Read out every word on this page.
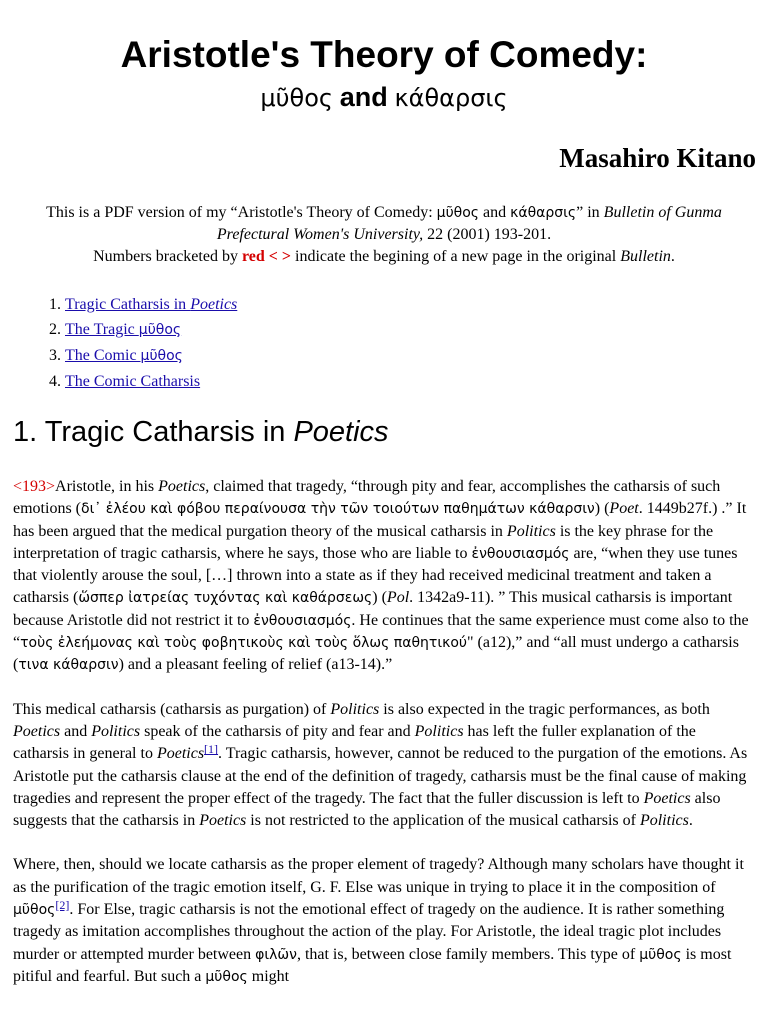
Aristotle's Theory of Comedy:
μῦθος and κάθαρσις
Masahiro Kitano
This is a PDF version of my “Aristotle's Theory of Comedy: μῦθος and κάθαρσις” in Bulletin of Gunma Prefectural Women's University, 22 (2001) 193-201.
Numbers bracketed by red < > indicate the begining of a new page in the original Bulletin.
1. Tragic Catharsis in Poetics
2. The Tragic μῦθος
3. The Comic μῦθος
4. The Comic Catharsis
1. Tragic Catharsis in Poetics

<193>Aristotle, in his Poetics, claimed that tragedy, “through pity and fear, accomplishes the catharsis of such emotions (δι᾽ ἐλέου καὶ φόβου περαίνουσα τὴν τῶν τοιούτων παθημάτων κάθαρσιν) (Poet. 1449b27f.) .” It has been argued that the medical purgation theory of the musical catharsis in Politics is the key phrase for the interpretation of tragic catharsis, where he says, those who are liable to ἐνθουσιασμός are, “when they use tunes that violently arouse the soul, […] thrown into a state as if they had received medicinal treatment and taken a catharsis (ὥσπερ ἰατρείας τυχόντας καὶ καθάρσεως) (Pol. 1342a9-11). ” This musical catharsis is important because Aristotle did not restrict it to ἐνθουσιασμός. He continues that the same experience must come also to the “τοὺς ἐλεήμονας καὶ τοὺς φοβητικοὺς καὶ τοὺς ὅλως παθητικού" (a12),” and “all must undergo a catharsis (τινα κάθαρσιν) and a pleasant feeling of relief (a13-14).”

This medical catharsis (catharsis as purgation) of Politics is also expected in the tragic performances, as both Poetics and Politics speak of the catharsis of pity and fear and Politics has left the fuller explanation of the catharsis in general to Poetics[1]. Tragic catharsis, however, cannot be reduced to the purgation of the emotions. As Aristotle put the catharsis clause at the end of the definition of tragedy, catharsis must be the final cause of making tragedies and represent the proper effect of the tragedy. The fact that the fuller discussion is left to Poetics also suggests that the catharsis in Poetics is not restricted to the application of the musical catharsis of Politics.

Where, then, should we locate catharsis as the proper element of tragedy? Although many scholars have thought it as the purification of the tragic emotion itself, G. F. Else was unique in trying to place it in the composition of μῦθος[2]. For Else, tragic catharsis is not the emotional effect of tragedy on the audience. It is rather something tragedy as imitation accomplishes throughout the action of the play. For Aristotle, the ideal tragic plot includes murder or attempted murder between φιλῶν, that is, between close family members. This type of μῦθος is most pitiful and fearful. But such a μῦθος might
